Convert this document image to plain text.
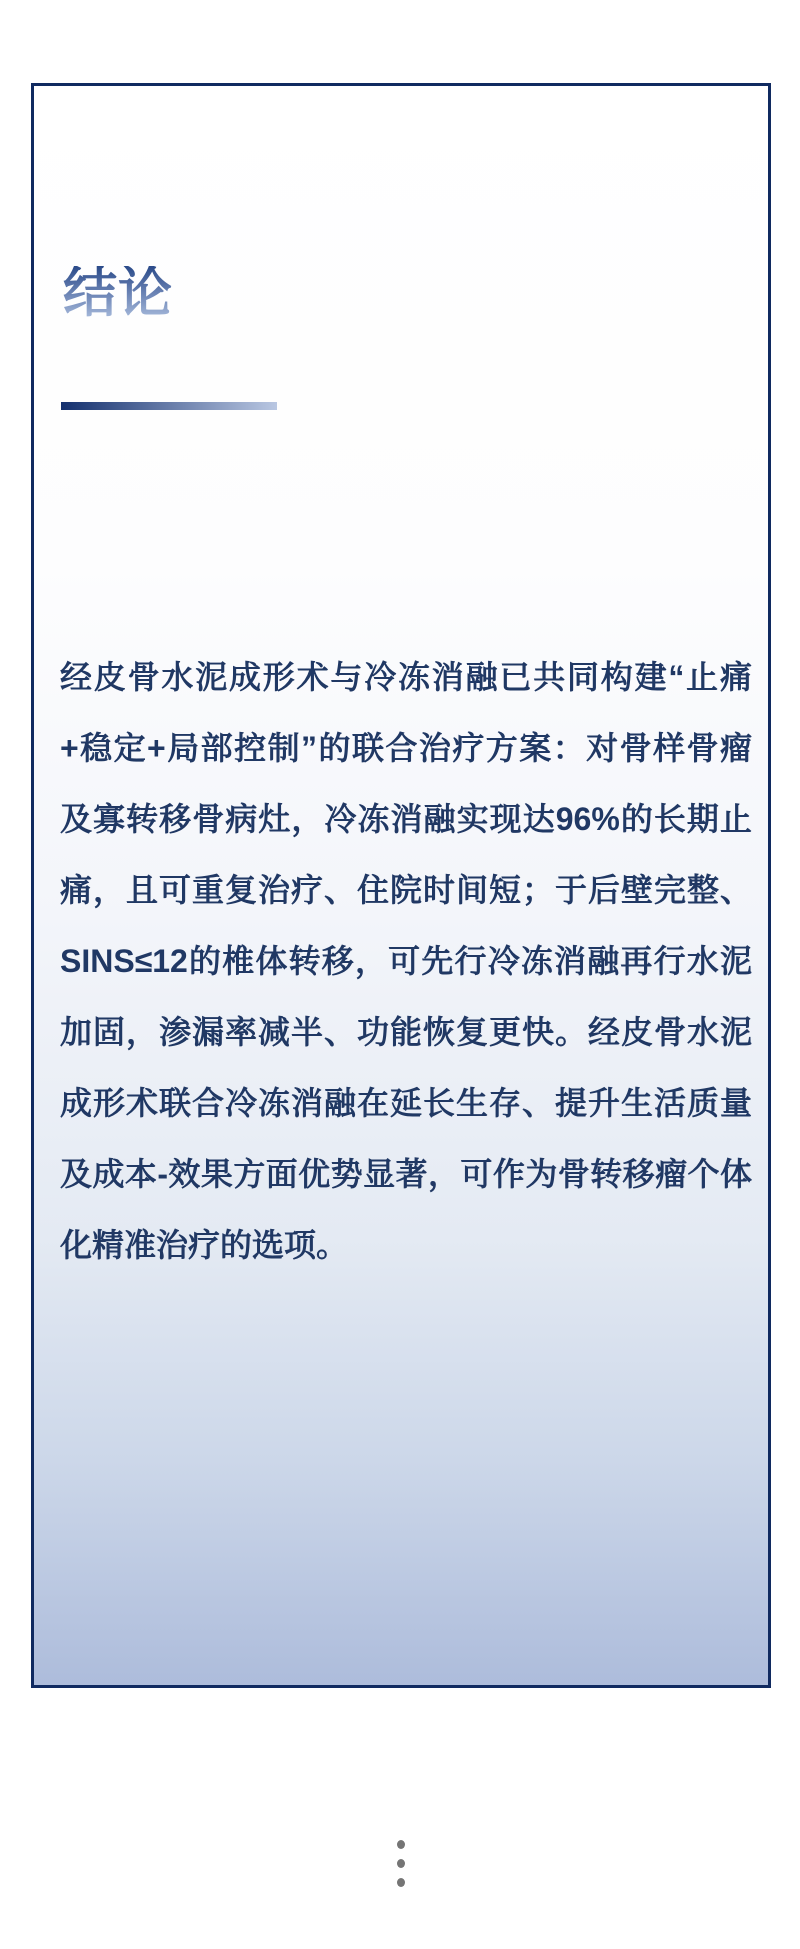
结论
经皮骨水泥成形术与冷冻消融已共同构建“止痛
+稳定+局部控制”的联合治疗方案：对骨样骨瘤
及寡转移骨病灶，冷冻消融实现达96%的长期止
痛，且可重复治疗、住院时间短；于后壁完整、
SINS≤12的椎体转移，可先行冷冻消融再行水泥
加固，渗漏率减半、功能恢复更快。经皮骨水泥
成形术联合冷冻消融在延长生存、提升生活质量
及成本-效果方面优势显著，可作为骨转移瘤个体
化精准治疗的选项。
